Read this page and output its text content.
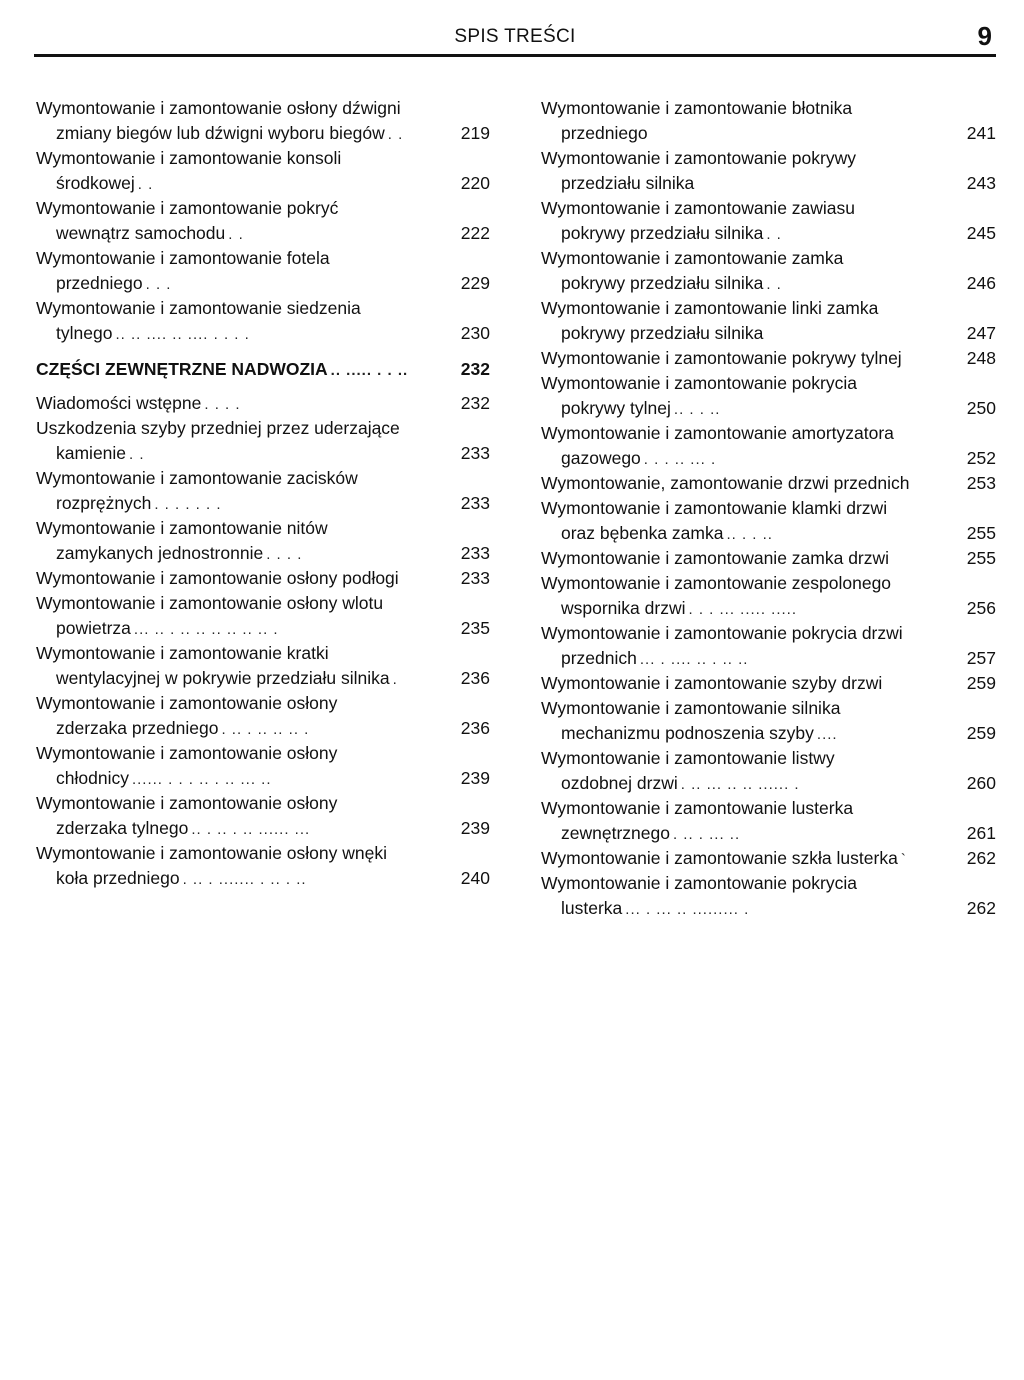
SPIS TREŚCI	9
Wymontowanie i zamontowanie osłony dźwigni
zmiany biegów lub dźwigni wyboru biegów . .	219
Wymontowanie i zamontowanie konsoli
środkowej . .	220
Wymontowanie i zamontowanie pokryć
wewnątrz samochodu . .	222
Wymontowanie i zamontowanie fotela
przedniego . . .	229
Wymontowanie i zamontowanie siedzenia
tylnego .. .. .... .. .... . . . .	230
CZĘŚCI ZEWNĘTRZNE NADWOZIA .. ..... . . ..	232
Wiadomości wstępne . . . .	232
Uszkodzenia szyby przedniej przez uderzające
kamienie . .	233
Wymontowanie i zamontowanie zacisków
rozprężnych . . . . . . .	233
Wymontowanie i zamontowanie nitów
zamykanych jednostronnie . . . .	233
Wymontowanie i zamontowanie osłony podłogi	233
Wymontowanie i zamontowanie osłony wlotu
powietrza ... .. . .. .. .. .. .. .. .	235
Wymontowanie i zamontowanie kratki
wentylacyjnej w pokrywie przedziału silnika .	236
Wymontowanie i zamontowanie osłony
zderzaka przedniego . .. . .. .. .. .	236
Wymontowanie i zamontowanie osłony
chłodnicy ...... . . . .. . .. ... ..	239
Wymontowanie i zamontowanie osłony
zderzaka tylnego .. . .. . .. ...... ...	239
Wymontowanie i zamontowanie osłony wnęki
koła przedniego . .. . ....... . .. . ..	240
Wymontowanie i zamontowanie błotnika
przedniego	241
Wymontowanie i zamontowanie pokrywy
przedziału silnika	243
Wymontowanie i zamontowanie zawiasu
pokrywy przedziału silnika . .	245
Wymontowanie i zamontowanie zamka
pokrywy przedziału silnika . .	246
Wymontowanie i zamontowanie linki zamka
pokrywy przedziału silnika	247
Wymontowanie i zamontowanie pokrywy tylnej	248
Wymontowanie i zamontowanie pokrycia
pokrywy tylnej .. . . ..	250
Wymontowanie i zamontowanie amortyzatora
gazowego . . . .. ... .	252
Wymontowanie, zamontowanie drzwi przednich	253
Wymontowanie i zamontowanie klamki drzwi
oraz bębenka zamka .. . . ..	255
Wymontowanie i zamontowanie zamka drzwi	255
Wymontowanie i zamontowanie zespolonego
wspornika drzwi . . . ... ..... .....	256
Wymontowanie i zamontowanie pokrycia drzwi
przednich ... . .... .. . .. ..	257
Wymontowanie i zamontowanie szyby drzwi	259
Wymontowanie i zamontowanie silnika
mechanizmu podnoszenia szyby ....	259
Wymontowanie i zamontowanie listwy
ozdobnej drzwi . .. ... .. .. ...... .	260
Wymontowanie i zamontowanie lusterka
zewnętrznego . .. . ... ..	261
Wymontowanie i zamontowanie szkła lusterka `	262
Wymontowanie i zamontowanie pokrycia
lusterka ... . ... .. ......... .	262
